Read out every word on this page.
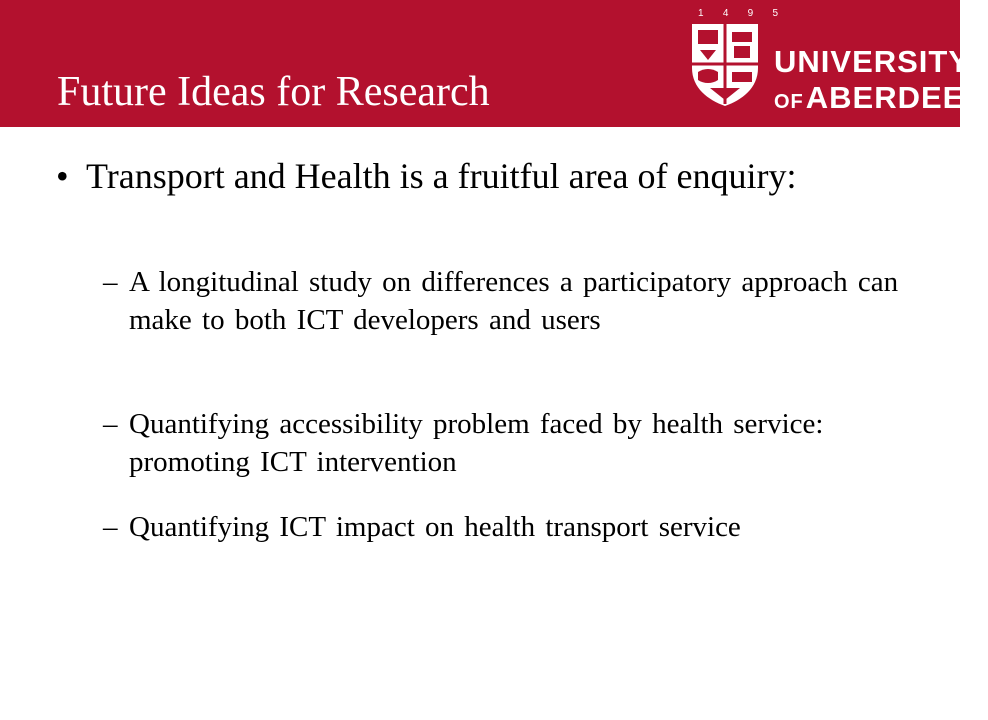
Future Ideas for Research
1 4 9 5
UNIVERSITY
OFABERDEEN
• Transport and Health is a fruitful area of enquiry:
– A longitudinal study on differences a participatory approach can make to both ICT developers and users
– Quantifying accessibility problem faced by health service: promoting ICT intervention
– Quantifying ICT impact on health transport service
